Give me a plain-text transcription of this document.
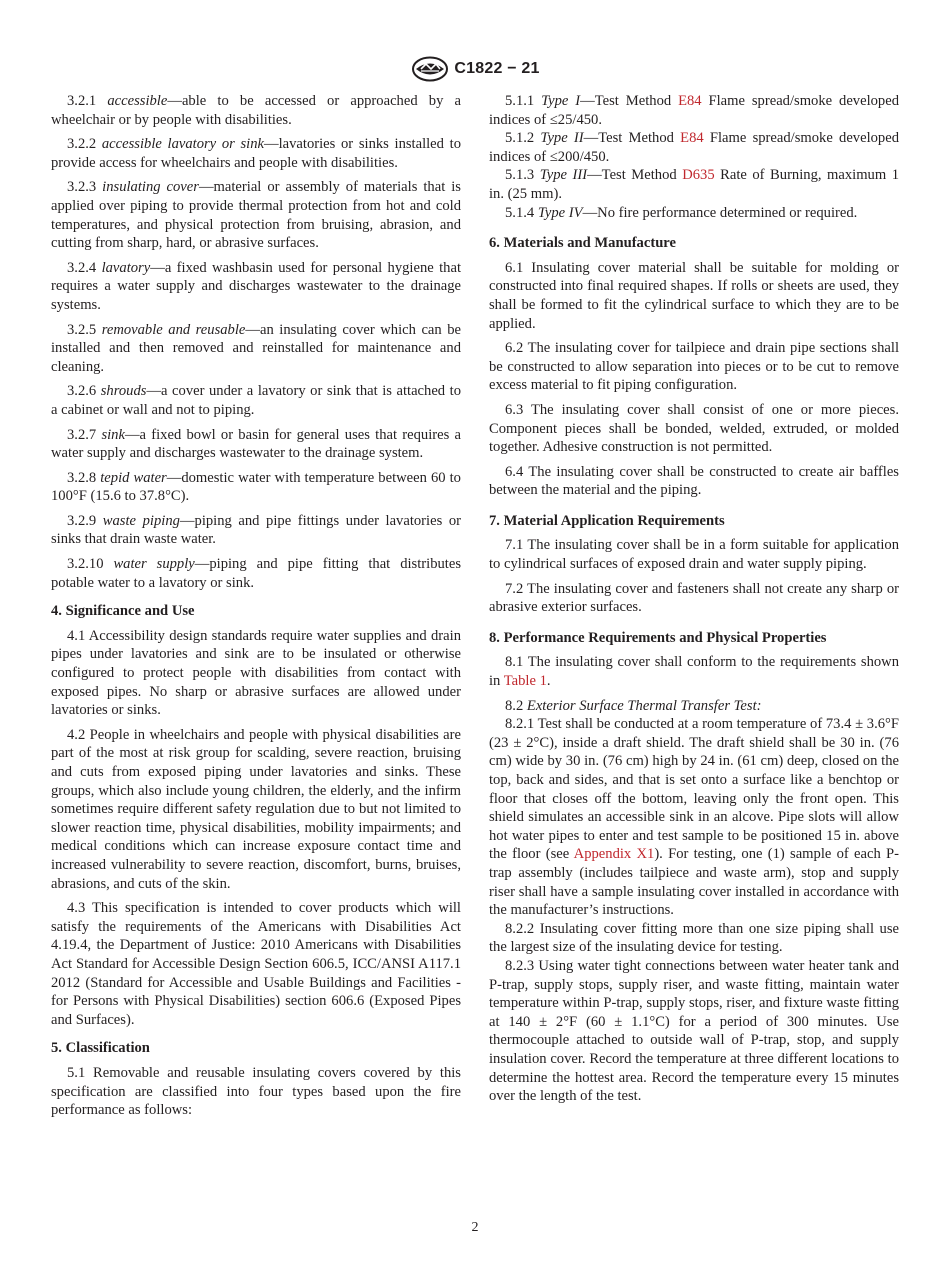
C1822 − 21

3.2.1 accessible—able to be accessed or approached by a wheelchair or by people with disabilities.

3.2.2 accessible lavatory or sink—lavatories or sinks installed to provide access for wheelchairs and people with disabilities.

3.2.3 insulating cover—material or assembly of materials that is applied over piping to provide thermal protection from hot and cold temperatures, and physical protection from bruising, abrasion, and cutting from sharp, hard, or abrasive surfaces.

3.2.4 lavatory—a fixed washbasin used for personal hygiene that requires a water supply and discharges wastewater to the drainage systems.

3.2.5 removable and reusable—an insulating cover which can be installed and then removed and reinstalled for maintenance and cleaning.

3.2.6 shrouds—a cover under a lavatory or sink that is attached to a cabinet or wall and not to piping.

3.2.7 sink—a fixed bowl or basin for general uses that requires a water supply and discharges wastewater to the drainage system.

3.2.8 tepid water—domestic water with temperature between 60 to 100°F (15.6 to 37.8°C).

3.2.9 waste piping—piping and pipe fittings under lavatories or sinks that drain waste water.

3.2.10 water supply—piping and pipe fitting that distributes potable water to a lavatory or sink.

4. Significance and Use

4.1 Accessibility design standards require water supplies and drain pipes under lavatories and sink are to be insulated or otherwise configured to protect people with disabilities from contact with exposed pipes. No sharp or abrasive surfaces are allowed under lavatories or sinks.

4.2 People in wheelchairs and people with physical disabilities are part of the most at risk group for scalding, severe reaction, bruising and cuts from exposed piping under lavatories and sinks. These groups, which also include young children, the elderly, and the infirm sometimes require different safety regulation due to but not limited to slower reaction time, physical disabilities, mobility impairments; and medical conditions which can increase exposure contact time and increased vulnerability to severe reaction, discomfort, burns, bruises, abrasions, and cuts of the skin.

4.3 This specification is intended to cover products which will satisfy the requirements of the Americans with Disabilities Act 4.19.4, the Department of Justice: 2010 Americans with Disabilities Act Standard for Accessible Design Section 606.5, ICC/ANSI A117.1 2012 (Standard for Accessible and Usable Buildings and Facilities - for Persons with Physical Disabilities) section 606.6 (Exposed Pipes and Surfaces).

5. Classification

5.1 Removable and reusable insulating covers covered by this specification are classified into four types based upon the fire performance as follows:

5.1.1 Type I—Test Method E84 Flame spread/smoke developed indices of ≤25/450.

5.1.2 Type II—Test Method E84 Flame spread/smoke developed indices of ≤200/450.

5.1.3 Type III—Test Method D635 Rate of Burning, maximum 1 in. (25 mm).

5.1.4 Type IV—No fire performance determined or required.

6. Materials and Manufacture

6.1 Insulating cover material shall be suitable for molding or constructed into final required shapes. If rolls or sheets are used, they shall be formed to fit the cylindrical surface to which they are to be applied.

6.2 The insulating cover for tailpiece and drain pipe sections shall be constructed to allow separation into pieces or to be cut to remove excess material to fit piping configuration.

6.3 The insulating cover shall consist of one or more pieces. Component pieces shall be bonded, welded, extruded, or molded together. Adhesive construction is not permitted.

6.4 The insulating cover shall be constructed to create air baffles between the material and the piping.

7. Material Application Requirements

7.1 The insulating cover shall be in a form suitable for application to cylindrical surfaces of exposed drain and water supply piping.

7.2 The insulating cover and fasteners shall not create any sharp or abrasive exterior surfaces.

8. Performance Requirements and Physical Properties

8.1 The insulating cover shall conform to the requirements shown in Table 1.

8.2 Exterior Surface Thermal Transfer Test:

8.2.1 Test shall be conducted at a room temperature of 73.4 ± 3.6°F (23 ± 2°C), inside a draft shield. The draft shield shall be 30 in. (76 cm) wide by 30 in. (76 cm) high by 24 in. (61 cm) deep, closed on the top, back and sides, and that is set onto a surface like a benchtop or floor that closes off the bottom, leaving only the front open. This shield simulates an accessible sink in an alcove. Pipe slots will allow hot water pipes to enter and test sample to be positioned 15 in. above the floor (see Appendix X1). For testing, one (1) sample of each P-trap assembly (includes tailpiece and waste arm), stop and supply riser shall have a sample insulating cover installed in accordance with the manufacturer’s instructions.

8.2.2 Insulating cover fitting more than one size piping shall use the largest size of the insulating device for testing.

8.2.3 Using water tight connections between water heater tank and P-trap, supply stops, supply riser, and waste fitting, maintain water temperature within P-trap, supply stops, riser, and fixture waste fitting at 140 ± 2°F (60 ± 1.1°C) for a period of 300 minutes. Use thermocouple attached to outside wall of P-trap, stop, and supply insulation cover. Record the temperature at three different locations to determine the hottest area. Record the temperature every 15 minutes over the length of the test.

2
